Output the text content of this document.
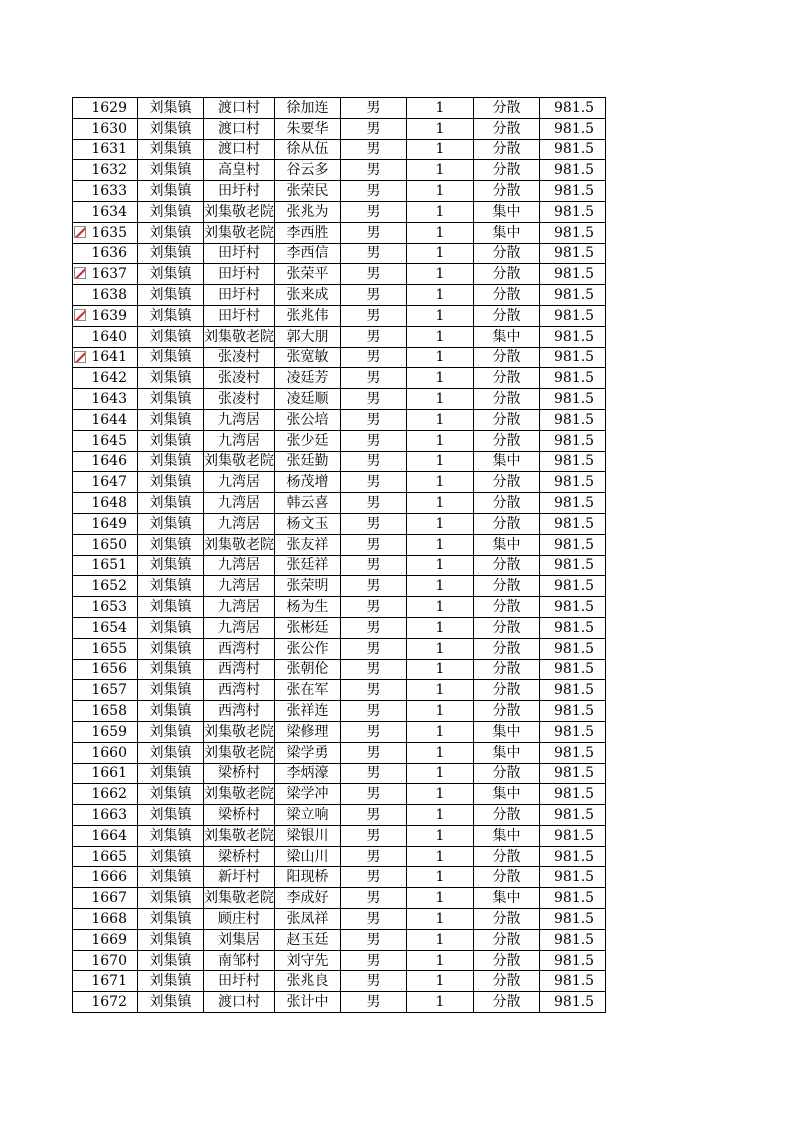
1629	刘集镇	渡口村	徐加连	男	1	分散	981.5
1630	刘集镇	渡口村	朱要华	男	1	分散	981.5
1631	刘集镇	渡口村	徐从伍	男	1	分散	981.5
1632	刘集镇	高皇村	谷云多	男	1	分散	981.5
1633	刘集镇	田圩村	张荣民	男	1	分散	981.5
1634	刘集镇	刘集敬老院	张兆为	男	1	集中	981.5

1635	刘集镇	刘集敬老院	李西胜	男	1	集中	981.5
1636	刘集镇	田圩村	李西信	男	1	分散	981.5

1637	刘集镇	田圩村	张荣平	男	1	分散	981.5
1638	刘集镇	田圩村	张来成	男	1	分散	981.5

1639	刘集镇	田圩村	张兆伟	男	1	分散	981.5
1640	刘集镇	刘集敬老院	郭大朋	男	1	集中	981.5

1641	刘集镇	张凌村	张宽敏	男	1	分散	981.5
1642	刘集镇	张凌村	凌廷芳	男	1	分散	981.5
1643	刘集镇	张凌村	凌廷顺	男	1	分散	981.5
1644	刘集镇	九湾居	张公培	男	1	分散	981.5
1645	刘集镇	九湾居	张少廷	男	1	分散	981.5
1646	刘集镇	刘集敬老院	张廷勤	男	1	集中	981.5
1647	刘集镇	九湾居	杨茂增	男	1	分散	981.5
1648	刘集镇	九湾居	韩云喜	男	1	分散	981.5
1649	刘集镇	九湾居	杨文玉	男	1	分散	981.5
1650	刘集镇	刘集敬老院	张友祥	男	1	集中	981.5
1651	刘集镇	九湾居	张廷祥	男	1	分散	981.5
1652	刘集镇	九湾居	张荣明	男	1	分散	981.5
1653	刘集镇	九湾居	杨为生	男	1	分散	981.5
1654	刘集镇	九湾居	张彬廷	男	1	分散	981.5
1655	刘集镇	西湾村	张公作	男	1	分散	981.5
1656	刘集镇	西湾村	张朝伦	男	1	分散	981.5
1657	刘集镇	西湾村	张在军	男	1	分散	981.5
1658	刘集镇	西湾村	张祥连	男	1	分散	981.5
1659	刘集镇	刘集敬老院	梁修理	男	1	集中	981.5
1660	刘集镇	刘集敬老院	梁学勇	男	1	集中	981.5
1661	刘集镇	梁桥村	李炳濠	男	1	分散	981.5
1662	刘集镇	刘集敬老院	梁学冲	男	1	集中	981.5
1663	刘集镇	梁桥村	梁立响	男	1	分散	981.5
1664	刘集镇	刘集敬老院	梁银川	男	1	集中	981.5
1665	刘集镇	梁桥村	梁山川	男	1	分散	981.5
1666	刘集镇	新圩村	阳现桥	男	1	分散	981.5
1667	刘集镇	刘集敬老院	李成好	男	1	集中	981.5
1668	刘集镇	顾庄村	张凤祥	男	1	分散	981.5
1669	刘集镇	刘集居	赵玉廷	男	1	分散	981.5
1670	刘集镇	南邹村	刘守先	男	1	分散	981.5
1671	刘集镇	田圩村	张兆良	男	1	分散	981.5
1672	刘集镇	渡口村	张计中	男	1	分散	981.5
